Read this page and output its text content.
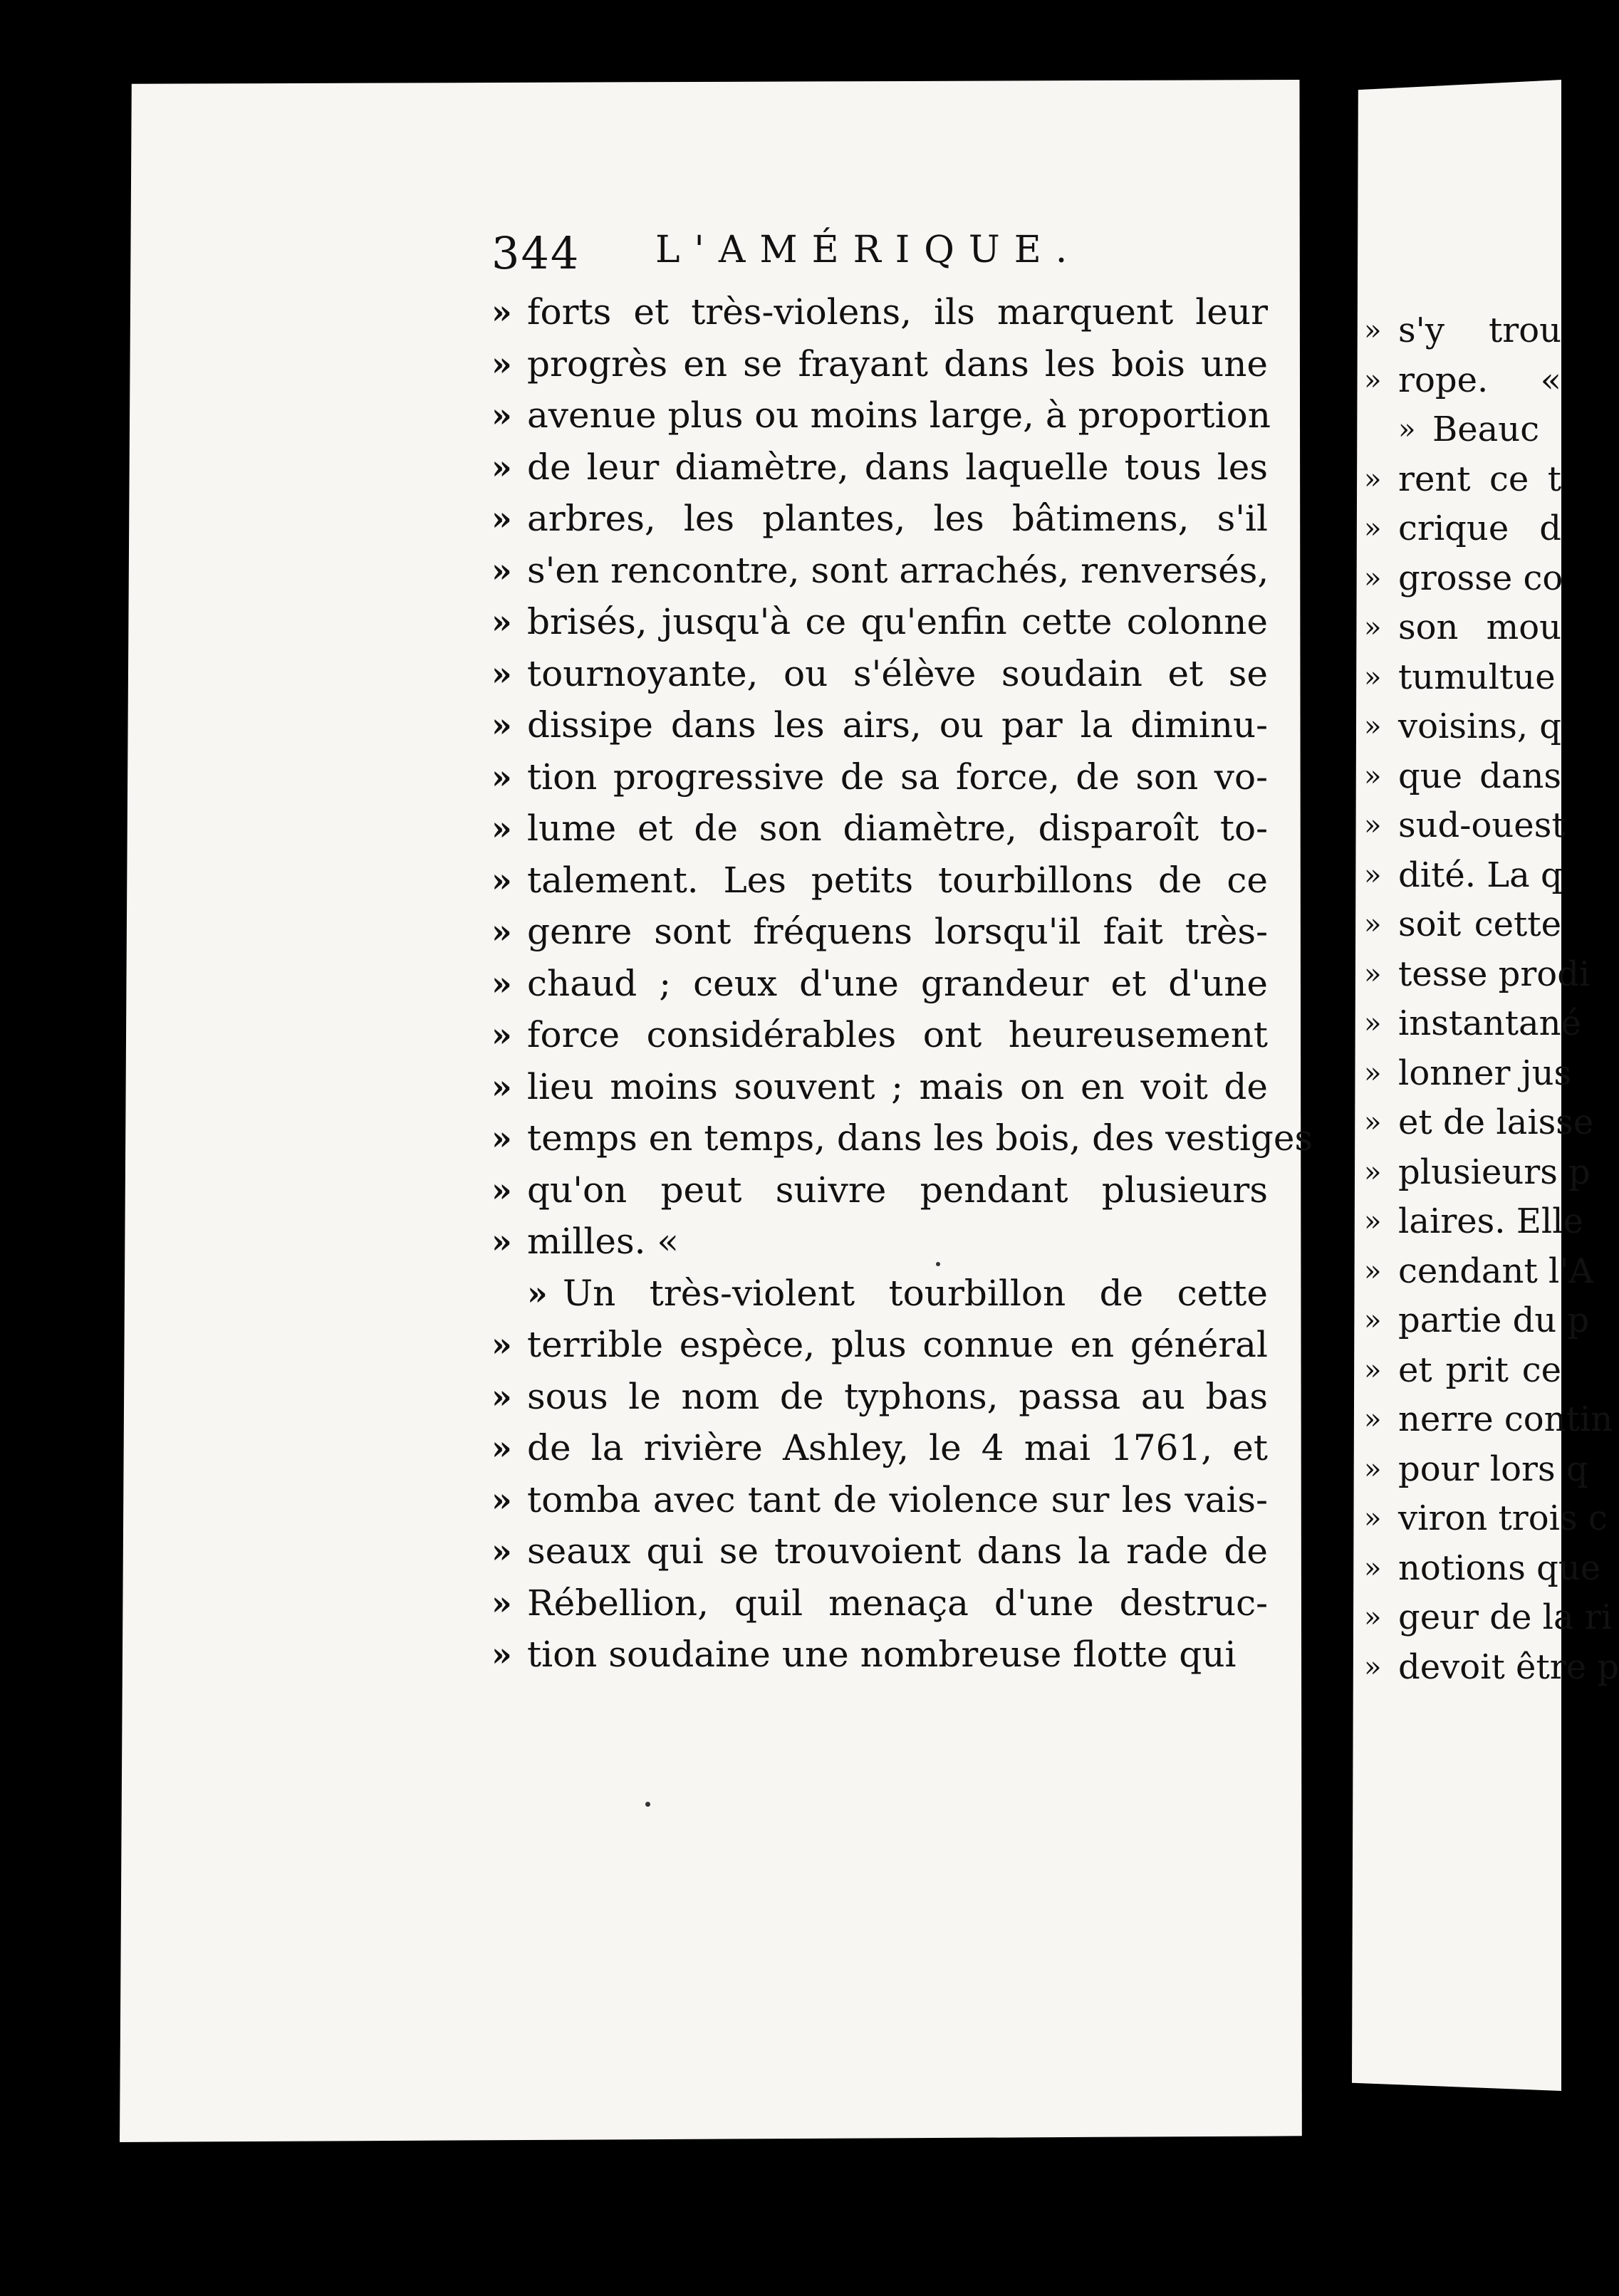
344 L'AMÉRIQUE.
» forts et très-violens, ils marquent leur
» progrès en se frayant dans les bois une
» avenue plus ou moins large, à proportion
» de leur diamètre, dans laquelle tous les
» arbres, les plantes, les bâtimens, s'il
» s'en rencontre, sont arrachés, renversés,
» brisés, jusqu'à ce qu'enfin cette colonne
» tournoyante, ou s'élève soudain et se
» dissipe dans les airs, ou par la diminu-
» tion progressive de sa force, de son vo-
» lume et de son diamètre, disparoît to-
» talement. Les petits tourbillons de ce
» genre sont fréquens lorsqu'il fait très-
» chaud ; ceux d'une grandeur et d'une
» force considérables ont heureusement
» lieu moins souvent ; mais on en voit de
» temps en temps, dans les bois, des vestiges
» qu'on peut suivre pendant plusieurs
» milles. «
» Un très-violent tourbillon de cette
» terrible espèce, plus connue en général
» sous le nom de typhons, passa au bas
» de la rivière Ashley, le 4 mai 1761, et
» tomba avec tant de violence sur les vais-
» seaux qui se trouvoient dans la rade de
» Rébellion, quil menaça d'une destruc-
» tion soudaine une nombreuse flotte qui
» s'y trou
» rope. «
» Beauc
» rent ce t
» crique d
» grosse co
» son mou
» tumultue
» voisins, q
» que dans
» sud-ouest
» dité. La q
» soit cette
» tesse prodi
» instantané
» lonner jus
» et de laisse
» plusieurs p
» laires. Elle
» cendant l'A
» partie du p
» et prit ce
» nerre contin
» pour lors q
» viron trois c
» notions que
» geur de la ri
» devoit être p
